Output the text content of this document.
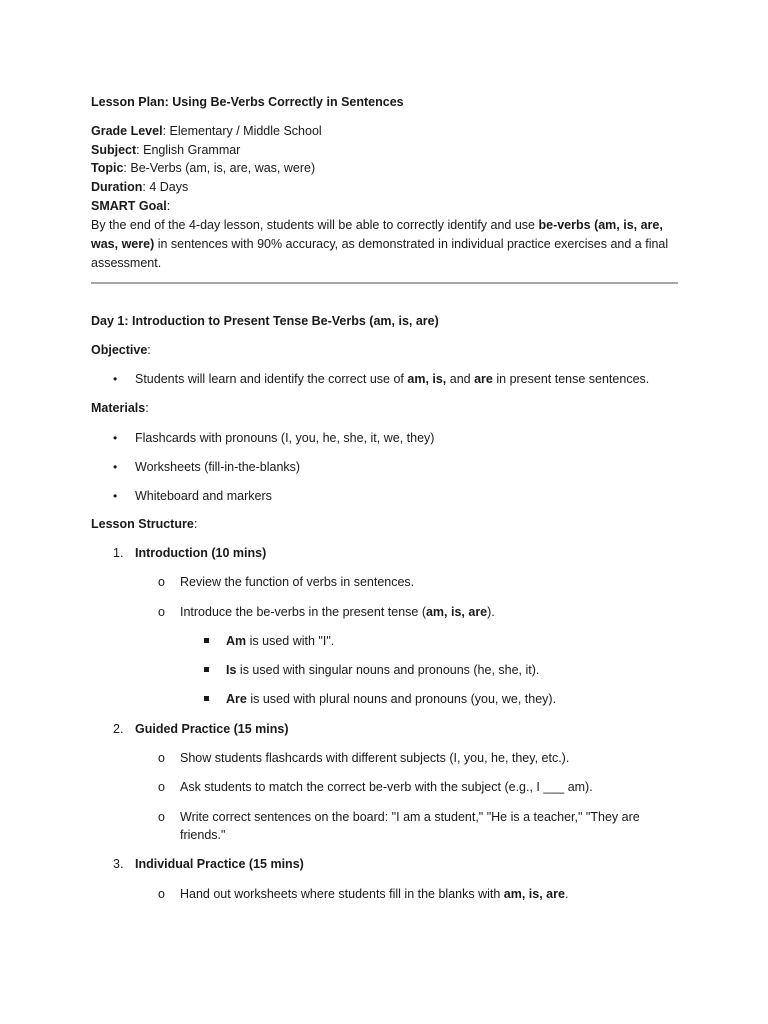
Lesson Plan: Using Be-Verbs Correctly in Sentences
Grade Level: Elementary / Middle School
Subject: English Grammar
Topic: Be-Verbs (am, is, are, was, were)
Duration: 4 Days
SMART Goal:
By the end of the 4-day lesson, students will be able to correctly identify and use be-verbs (am, is, are,
was, were) in sentences with 90% accuracy, as demonstrated in individual practice exercises and a final
assessment.
Day 1: Introduction to Present Tense Be-Verbs (am, is, are)
Objective:
• Students will learn and identify the correct use of am, is, and are in present tense sentences.
Materials:
• Flashcards with pronouns (I, you, he, she, it, we, they)
• Worksheets (fill-in-the-blanks)
• Whiteboard and markers
Lesson Structure:
1. Introduction (10 mins)
o Review the function of verbs in sentences.
o Introduce the be-verbs in the present tense (am, is, are).
Am is used with "I".
Is is used with singular nouns and pronouns (he, she, it).
Are is used with plural nouns and pronouns (you, we, they).
2. Guided Practice (15 mins)
o Show students flashcards with different subjects (I, you, he, they, etc.).
o Ask students to match the correct be-verb with the subject (e.g., I ___ am).
o Write correct sentences on the board: "I am a student," "He is a teacher," "They are
friends."
3. Individual Practice (15 mins)
o Hand out worksheets where students fill in the blanks with am, is, are.
